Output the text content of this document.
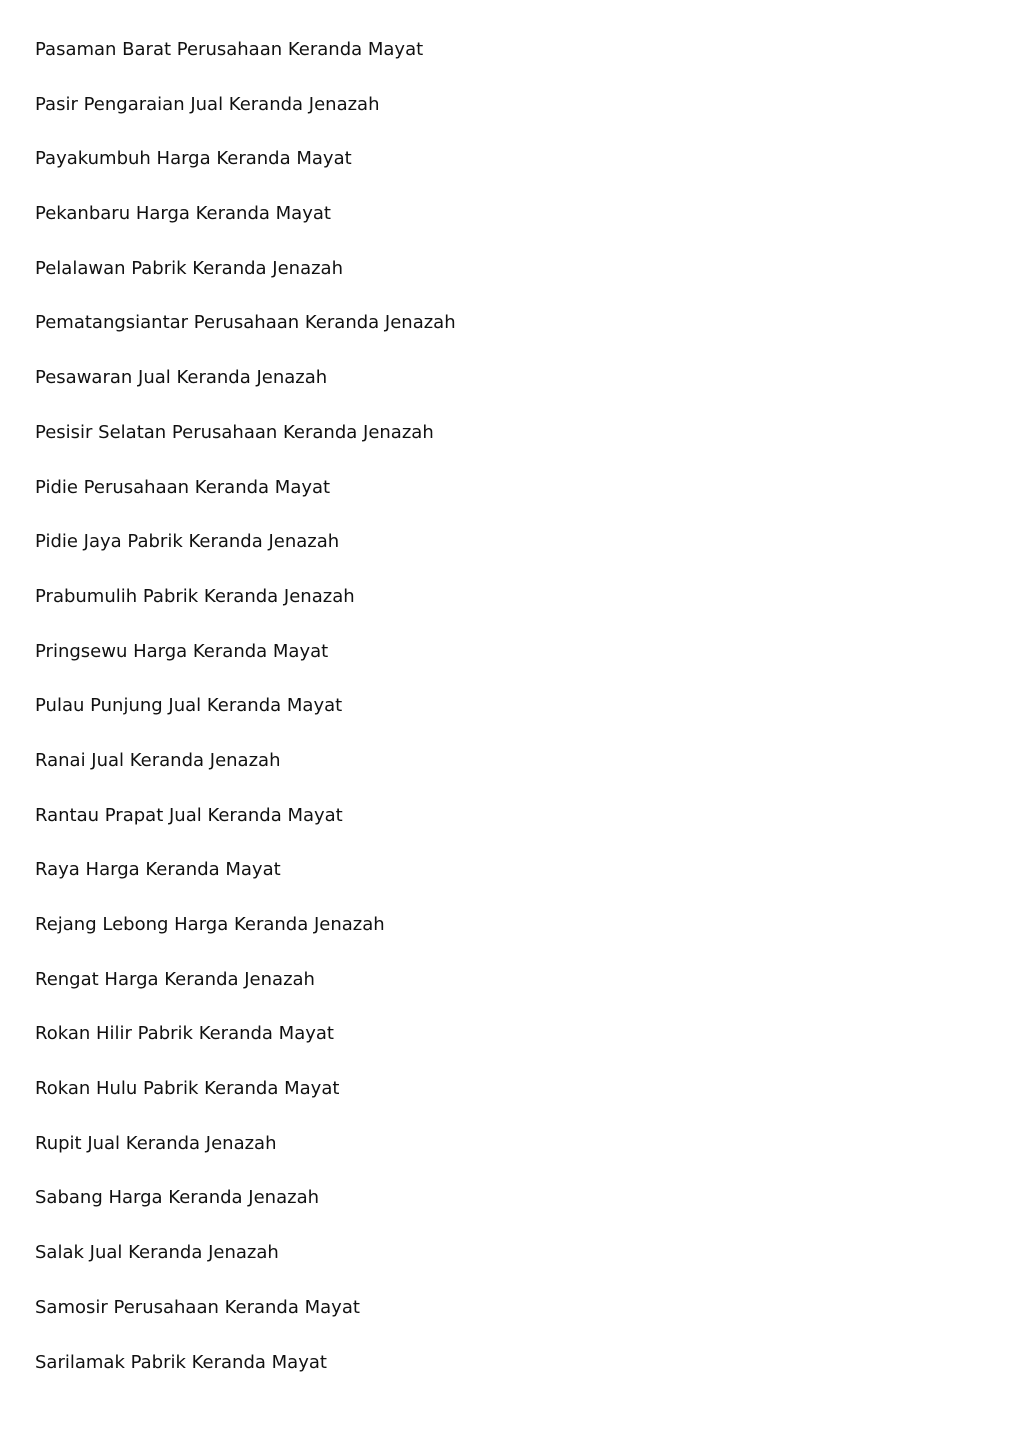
Pasaman Barat Perusahaan Keranda Mayat
Pasir Pengaraian Jual Keranda Jenazah
Payakumbuh Harga Keranda Mayat
Pekanbaru Harga Keranda Mayat
Pelalawan Pabrik Keranda Jenazah
Pematangsiantar Perusahaan Keranda Jenazah
Pesawaran Jual Keranda Jenazah
Pesisir Selatan Perusahaan Keranda Jenazah
Pidie Perusahaan Keranda Mayat
Pidie Jaya Pabrik Keranda Jenazah
Prabumulih Pabrik Keranda Jenazah
Pringsewu Harga Keranda Mayat
Pulau Punjung Jual Keranda Mayat
Ranai Jual Keranda Jenazah
Rantau Prapat Jual Keranda Mayat
Raya Harga Keranda Mayat
Rejang Lebong Harga Keranda Jenazah
Rengat Harga Keranda Jenazah
Rokan Hilir Pabrik Keranda Mayat
Rokan Hulu Pabrik Keranda Mayat
Rupit Jual Keranda Jenazah
Sabang Harga Keranda Jenazah
Salak Jual Keranda Jenazah
Samosir Perusahaan Keranda Mayat
Sarilamak Pabrik Keranda Mayat
